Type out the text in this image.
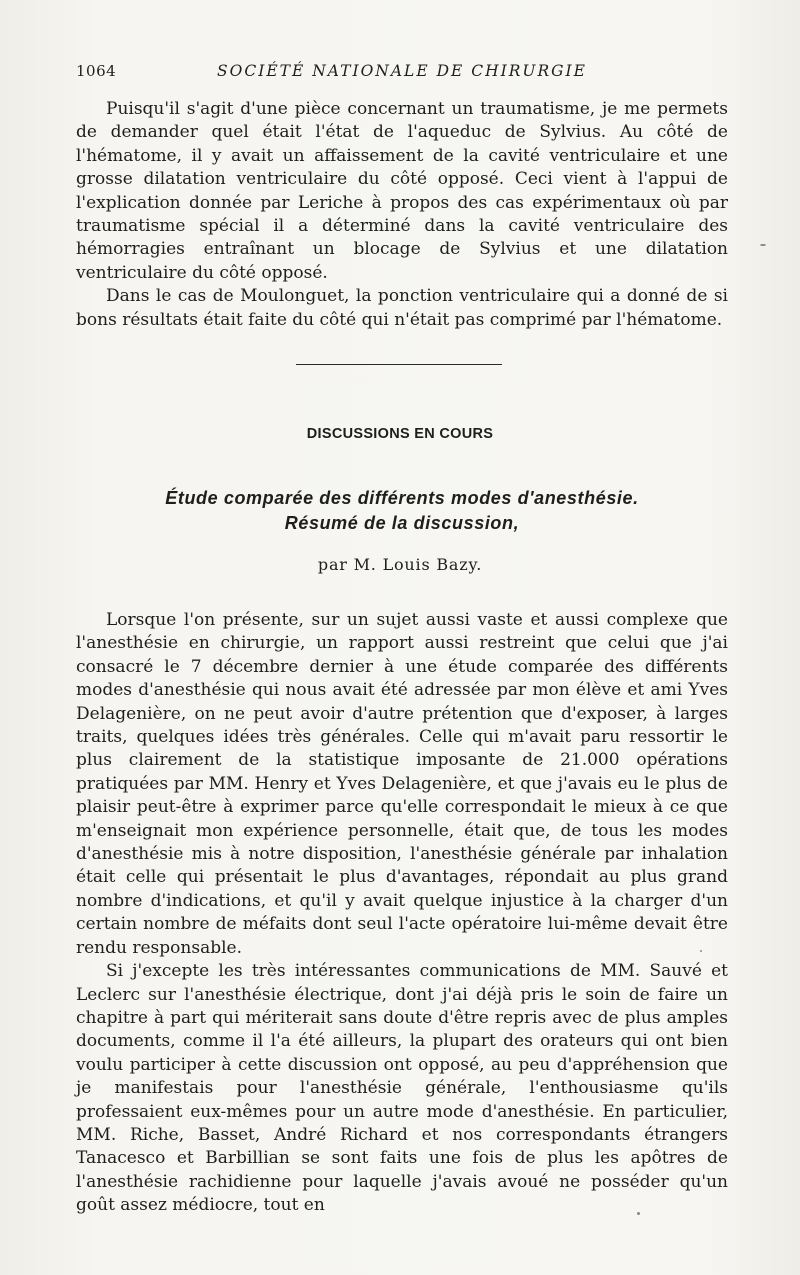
1064	SOCIÉTÉ NATIONALE DE CHIRURGIE

Puisqu'il s'agit d'une pièce concernant un traumatisme, je me permets de demander quel était l'état de l'aqueduc de Sylvius. Au côté de l'hématome, il y avait un affaissement de la cavité ventriculaire et une grosse dilatation ventriculaire du côté opposé. Ceci vient à l'appui de l'explication donnée par Leriche à propos des cas expérimentaux où par traumatisme spécial il a déterminé dans la cavité ventriculaire des hémorragies entraînant un blocage de Sylvius et une dilatation ventriculaire du côté opposé.

Dans le cas de Moulonguet, la ponction ventriculaire qui a donné de si bons résultats était faite du côté qui n'était pas comprimé par l'hématome.

DISCUSSIONS EN COURS
Étude comparée des différents modes d'anesthésie.
Résumé de la discussion,
par M. Louis Bazy.

Lorsque l'on présente, sur un sujet aussi vaste et aussi complexe que l'anesthésie en chirurgie, un rapport aussi restreint que celui que j'ai consacré le 7 décembre dernier à une étude comparée des différents modes d'anesthésie qui nous avait été adressée par mon élève et ami Yves Delagenière, on ne peut avoir d'autre prétention que d'exposer, à larges traits, quelques idées très générales. Celle qui m'avait paru ressortir le plus clairement de la statistique imposante de 21.000 opérations pratiquées par MM. Henry et Yves Delagenière, et que j'avais eu le plus de plaisir peut-être à exprimer parce qu'elle correspondait le mieux à ce que m'enseignait mon expérience personnelle, était que, de tous les modes d'anesthésie mis à notre disposition, l'anesthésie générale par inhalation était celle qui présentait le plus d'avantages, répondait au plus grand nombre d'indications, et qu'il y avait quelque injustice à la charger d'un certain nombre de méfaits dont seul l'acte opératoire lui-même devait être rendu responsable.

Si j'excepte les très intéressantes communications de MM. Sauvé et Leclerc sur l'anesthésie électrique, dont j'ai déjà pris le soin de faire un chapitre à part qui mériterait sans doute d'être repris avec de plus amples documents, comme il l'a été ailleurs, la plupart des orateurs qui ont bien voulu participer à cette discussion ont opposé, au peu d'appréhension que je manifestais pour l'anesthésie générale, l'enthousiasme qu'ils professaient eux-mêmes pour un autre mode d'anesthésie. En particulier, MM. Riche, Basset, André Richard et nos correspondants étrangers Tanacesco et Barbillian se sont faits une fois de plus les apôtres de l'anesthésie rachidienne pour laquelle j'avais avoué ne posséder qu'un goût assez médiocre, tout en
